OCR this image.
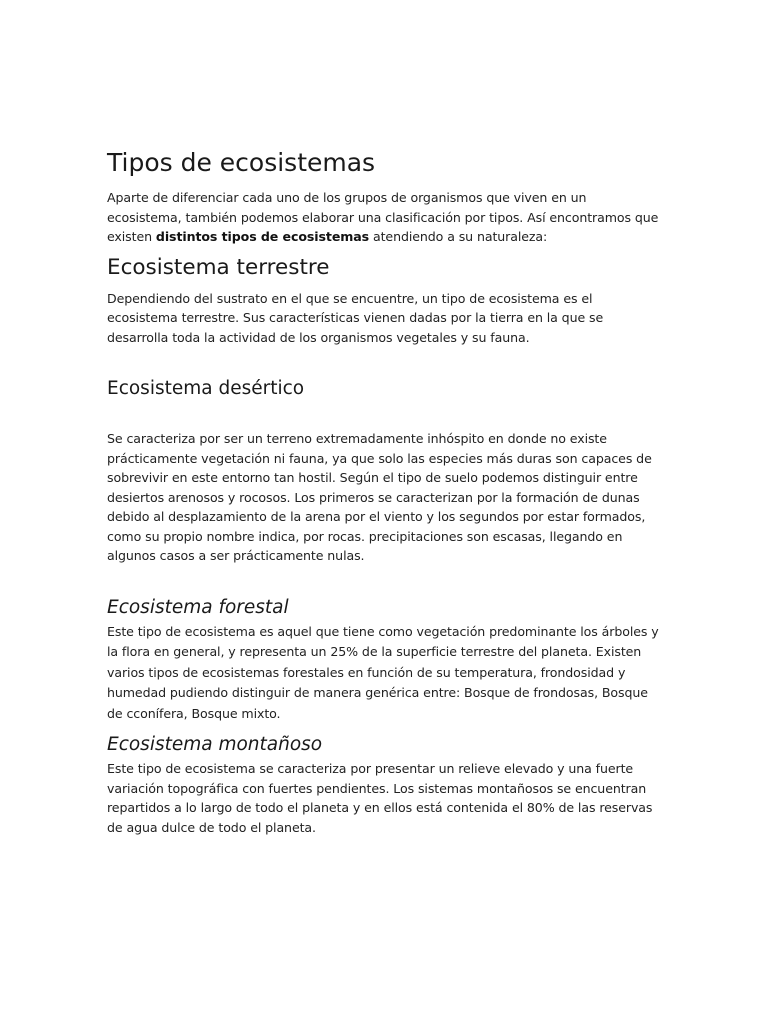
Tipos de ecosistemas

Aparte de diferenciar cada uno de los grupos de organismos que viven en un ecosistema, también podemos elaborar una clasificación por tipos. Así encontramos que existen distintos tipos de ecosistemas atendiendo a su naturaleza:

Ecosistema terrestre

Dependiendo del sustrato en el que se encuentre, un tipo de ecosistema es el ecosistema terrestre. Sus características vienen dadas por la tierra en la que se desarrolla toda la actividad de los organismos vegetales y su fauna.

Ecosistema desértico

Se caracteriza por ser un terreno extremadamente inhóspito en donde no existe prácticamente vegetación ni fauna, ya que solo las especies más duras son capaces de sobrevivir en este entorno tan hostil. Según el tipo de suelo podemos distinguir entre desiertos arenosos y rocosos. Los primeros se caracterizan por la formación de dunas debido al desplazamiento de la arena por el viento y los segundos por estar formados, como su propio nombre indica, por rocas. precipitaciones son escasas, llegando en algunos casos a ser prácticamente nulas.

Ecosistema forestal

Este tipo de ecosistema es aquel que tiene como vegetación predominante los árboles y la flora en general, y representa un 25% de la superficie terrestre del planeta. Existen varios tipos de ecosistemas forestales en función de su temperatura, frondosidad y humedad pudiendo distinguir de manera genérica entre: Bosque de frondosas, Bosque de cconífera, Bosque mixto.

Ecosistema montañoso

Este tipo de ecosistema se caracteriza por presentar un relieve elevado y una fuerte variación topográfica con fuertes pendientes. Los sistemas montañosos se encuentran repartidos a lo largo de todo el planeta y en ellos está contenida el 80% de las reservas de agua dulce de todo el planeta.
